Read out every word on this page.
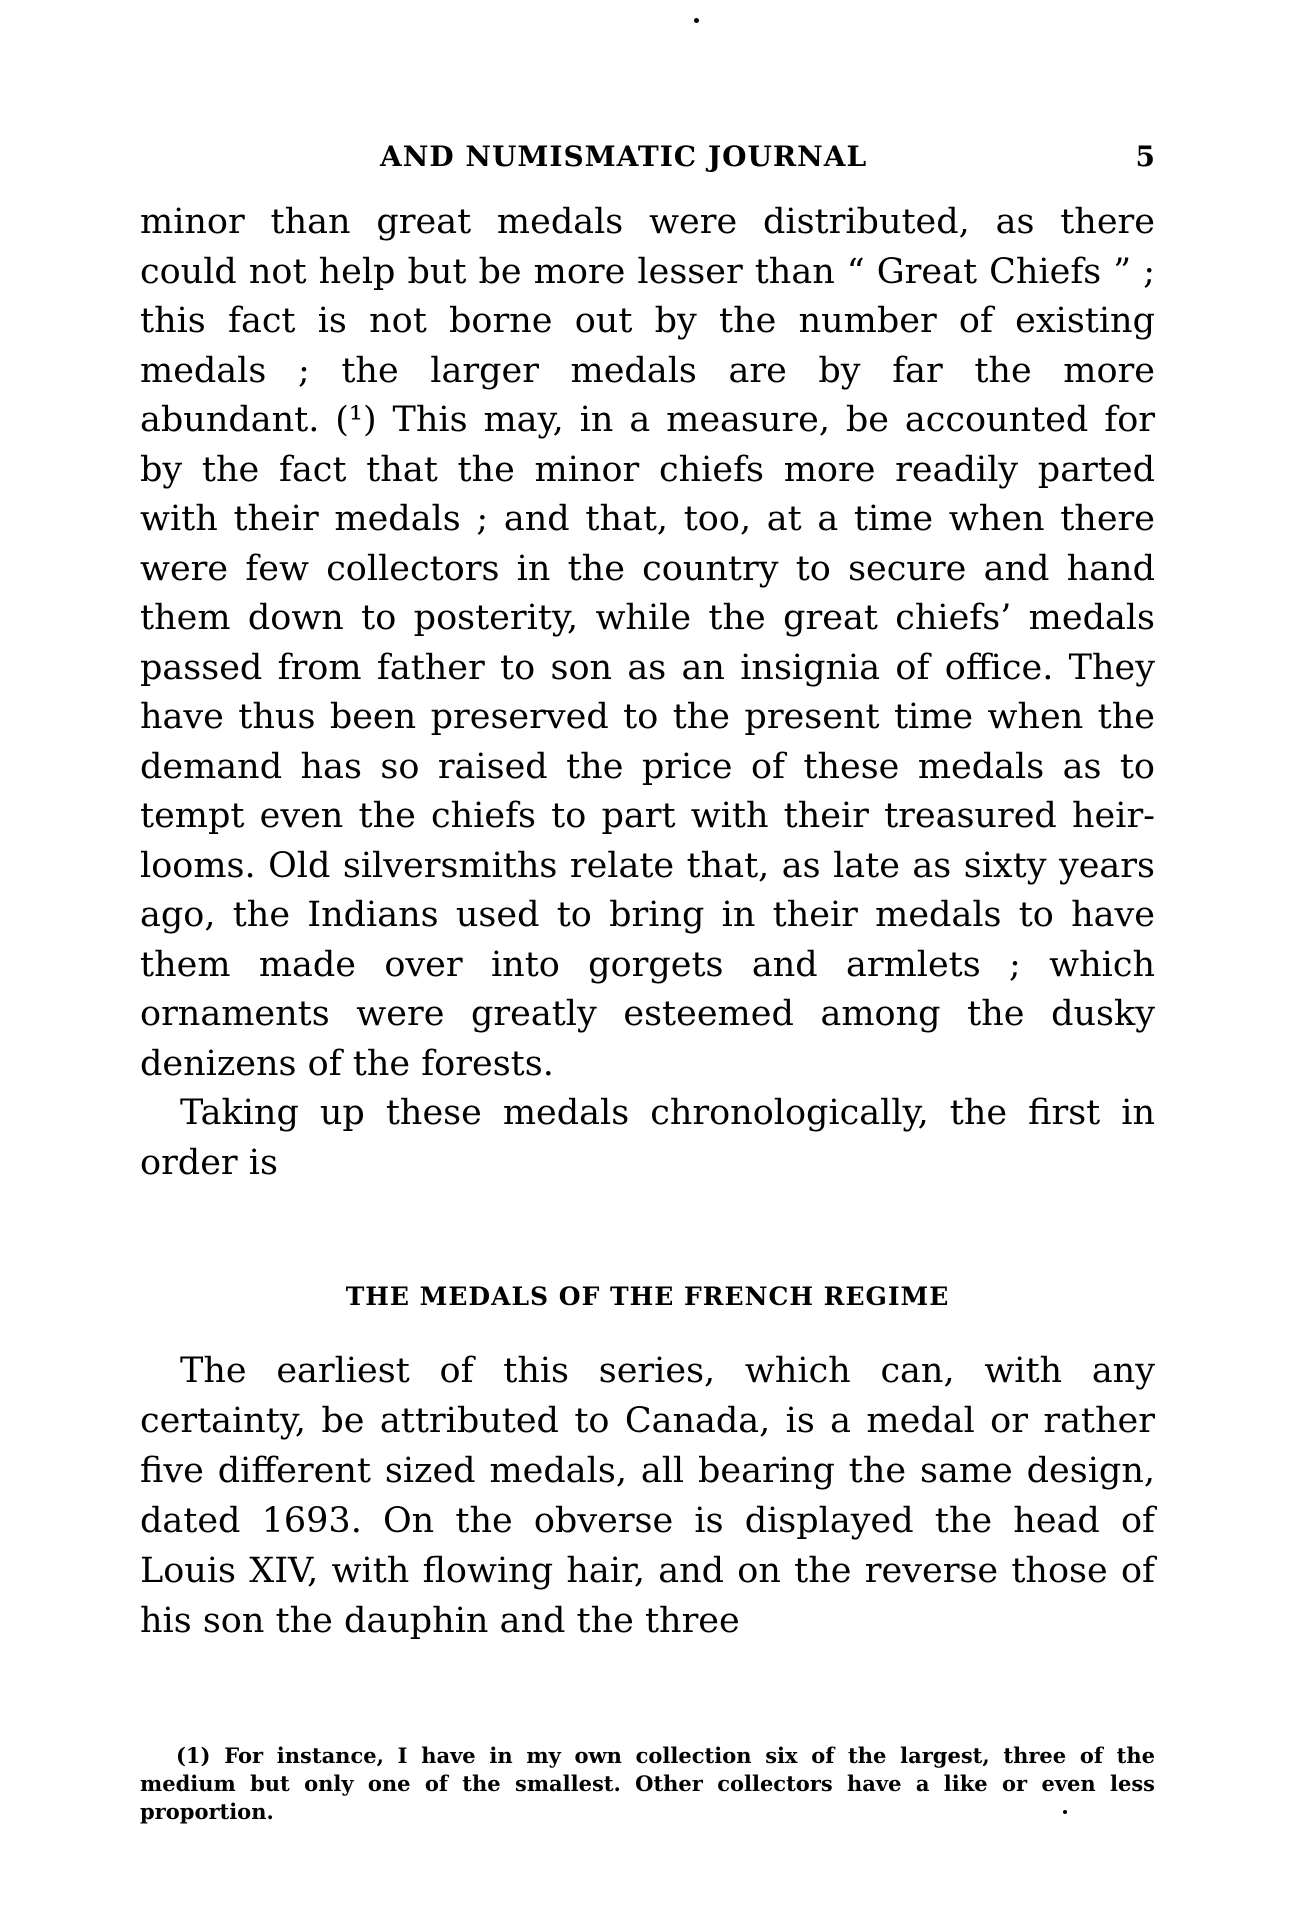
AND NUMISMATIC JOURNAL	5

minor than great medals were distributed, as there could not help but be more lesser than “ Great Chiefs ” ; this fact is not borne out by the number of existing medals ; the larger medals are by far the more abundant. (¹) This may, in a measure, be accounted for by the fact that the minor chiefs more readily parted with their medals ; and that, too, at a time when there were few collectors in the country to secure and hand them down to posterity, while the great chiefs’ medals passed from father to son as an insignia of office. They have thus been preserved to the present time when the demand has so raised the price of these medals as to tempt even the chiefs to part with their treasured heir-looms. Old silversmiths relate that, as late as sixty years ago, the Indians used to bring in their medals to have them made over into gorgets and armlets ; which ornaments were greatly esteemed among the dusky denizens of the forests.

Taking up these medals chronologically, the first in order is

THE MEDALS OF THE FRENCH REGIME

The earliest of this series, which can, with any certainty, be attributed to Canada, is a medal or rather five different sized medals, all bearing the same design, dated 1693. On the obverse is displayed the head of Louis XIV, with flowing hair, and on the reverse those of his son the dauphin and the three

(1) For instance, I have in my own collection six of the largest, three of the medium but only one of the smallest. Other collectors have a like or even less proportion.
